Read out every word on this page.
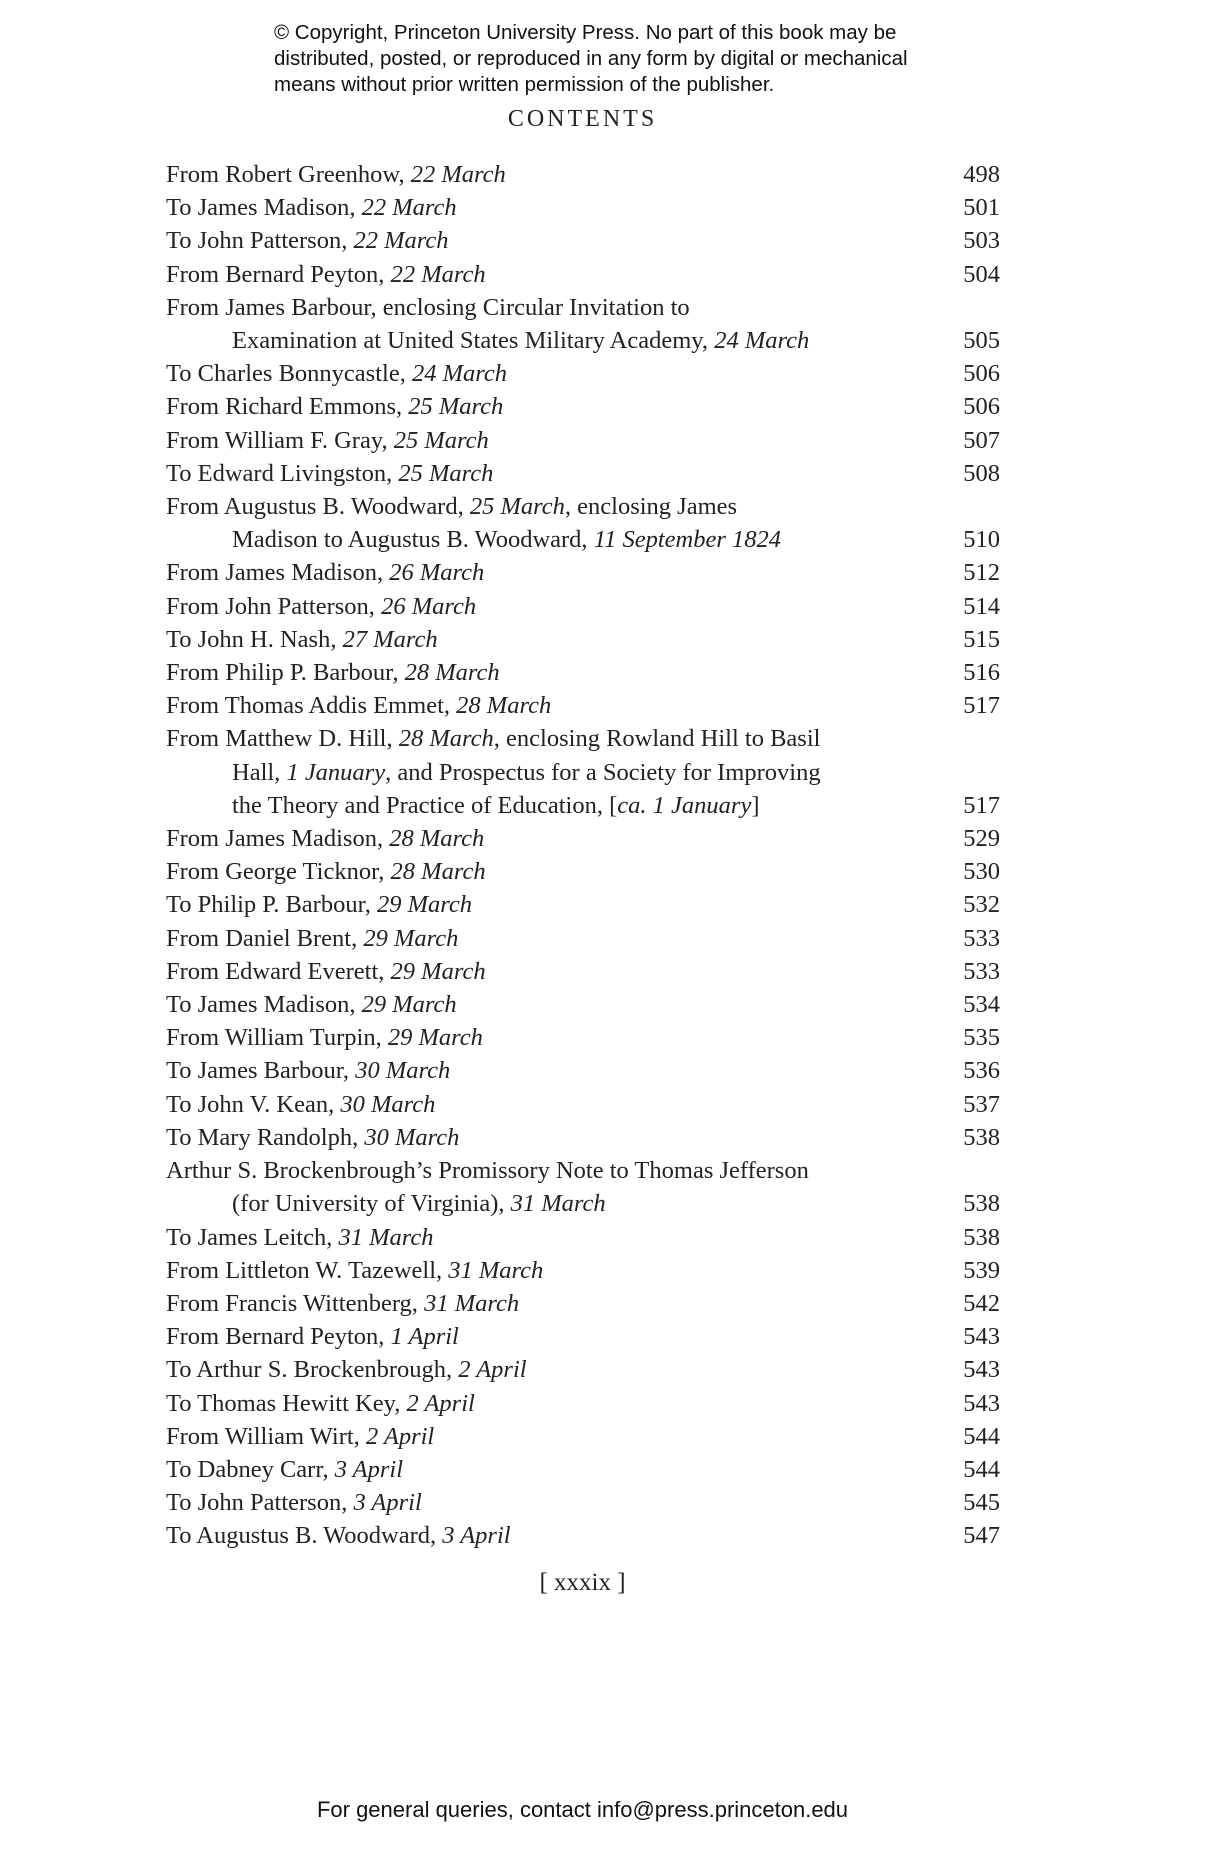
© Copyright, Princeton University Press. No part of this book may be
distributed, posted, or reproduced in any form by digital or mechanical
means without prior written permission of the publisher.
CONTENTS
From Robert Greenhow, 22 March	498
To James Madison, 22 March	501
To John Patterson, 22 March	503
From Bernard Peyton, 22 March	504
From James Barbour, enclosing Circular Invitation to
Examination at United States Military Academy, 24 March	505
To Charles Bonnycastle, 24 March	506
From Richard Emmons, 25 March	506
From William F. Gray, 25 March	507
To Edward Livingston, 25 March	508
From Augustus B. Woodward, 25 March, enclosing James
Madison to Augustus B. Woodward, 11 September 1824	510
From James Madison, 26 March	512
From John Patterson, 26 March	514
To John H. Nash, 27 March	515
From Philip P. Barbour, 28 March	516
From Thomas Addis Emmet, 28 March	517
From Matthew D. Hill, 28 March, enclosing Rowland Hill to Basil
Hall, 1 January, and Prospectus for a Society for Improving
the Theory and Practice of Education, [ca. 1 January]	517
From James Madison, 28 March	529
From George Ticknor, 28 March	530
To Philip P. Barbour, 29 March	532
From Daniel Brent, 29 March	533
From Edward Everett, 29 March	533
To James Madison, 29 March	534
From William Turpin, 29 March	535
To James Barbour, 30 March	536
To John V. Kean, 30 March	537
To Mary Randolph, 30 March	538
Arthur S. Brockenbrough’s Promissory Note to Thomas Jefferson
(for University of Virginia), 31 March	538
To James Leitch, 31 March	538
From Littleton W. Tazewell, 31 March	539
From Francis Wittenberg, 31 March	542
From Bernard Peyton, 1 April	543
To Arthur S. Brockenbrough, 2 April	543
To Thomas Hewitt Key, 2 April	543
From William Wirt, 2 April	544
To Dabney Carr, 3 April	544
To John Patterson, 3 April	545
To Augustus B. Woodward, 3 April	547
[ xxxix ]
For general queries, contact info@press.princeton.edu
